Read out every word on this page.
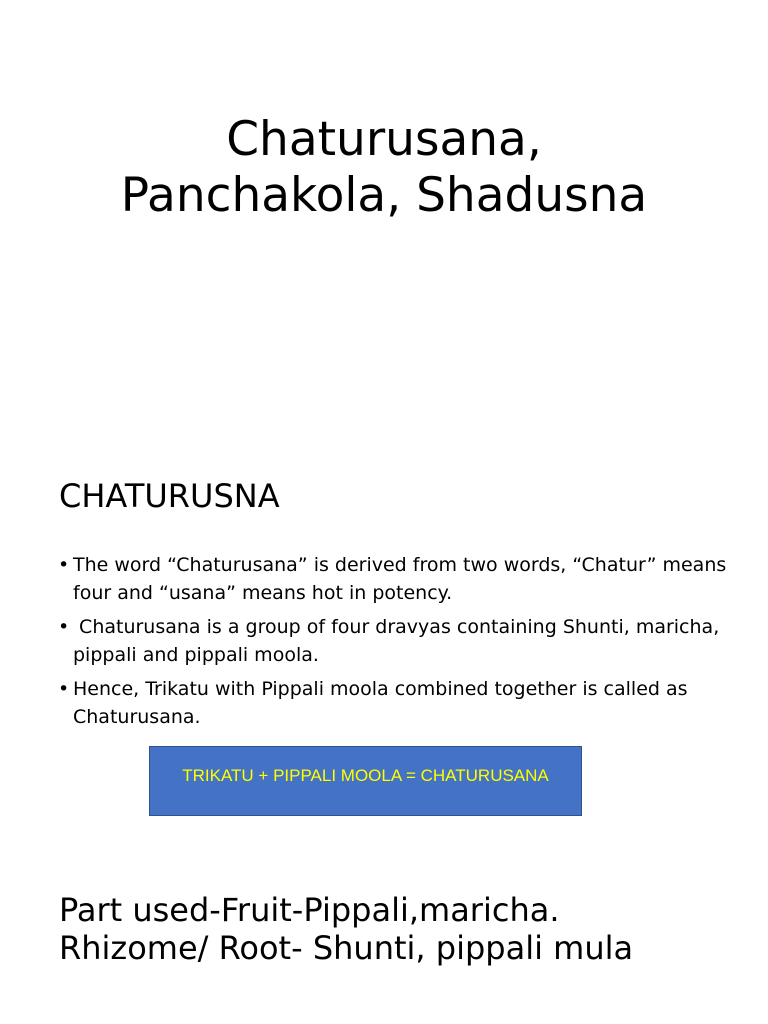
Chaturusana,
Panchakola, Shadusna
CHATURUSNA
• The word “Chaturusana” is derived from two words, “Chatur” means four and “usana” means hot in potency.
• Chaturusana is a group of four dravyas containing Shunti, maricha, pippali and pippali moola.
• Hence, Trikatu with Pippali moola combined together is called as Chaturusana.
TRIKATU + PIPPALI MOOLA = CHATURUSANA
Part used-Fruit-Pippali,maricha.
Rhizome/ Root- Shunti, pippali mula
